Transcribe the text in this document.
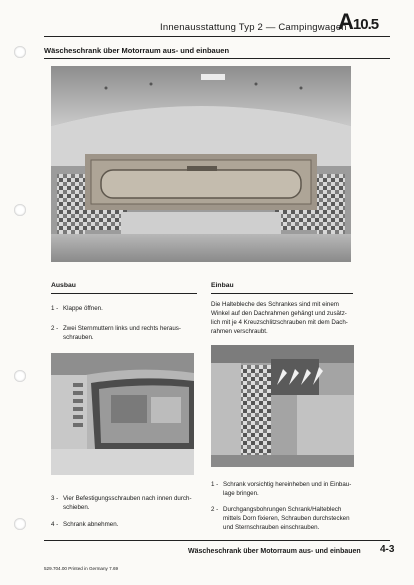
Innenausstattung Typ 2 — Campingwagen
A10.5
Wäscheschrank über Motorraum aus- und einbauen
Ausbau
1 - Klappe öffnen.
2 - Zwei Sternmuttern links und rechts heraus-
schrauben.
Einbau
Die Haltebleche des Schrankes sind mit einem
Winkel auf den Dachrahmen gehängt und zusätz-
lich mit je 4 Kreuzschlitzschrauben mit dem Dach-
rahmen verschraubt.
3 - Vier Befestigungsschrauben nach innen durch-
schieben.
4 - Schrank abnehmen.
1 - Schrank vorsichtig hereinheben und in Einbau-
lage bringen.
2 - Durchgangsbohrungen Schrank/Halteblech
mittels Dorn fixieren, Schrauben durchstecken
und Sternschrauben einschrauben.
Wäscheschrank über Motorraum aus- und einbauen 4-3
529.704.00 Printed in Germany 7.69
